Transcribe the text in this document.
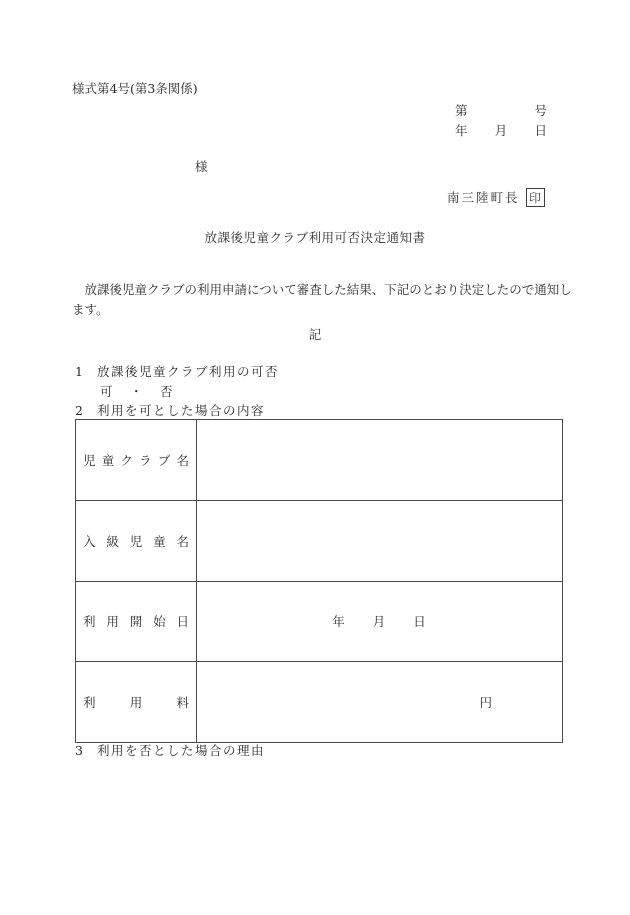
様式第4号(第3条関係)
第	号
年 月 日
様
南三陸町長 印
放課後児童クラブ利用可否決定通知書

放課後児童クラブの利用申請について審査した結果、下記のとおり決定したので通知します。

記
1 放課後児童クラブ利用の可否
可　・　否
2 利用を可とした場合の内容
児童クラブ名	

入級児童名	

利用開始日	年　　月　　日

利用料	円
3 利用を否とした場合の理由
